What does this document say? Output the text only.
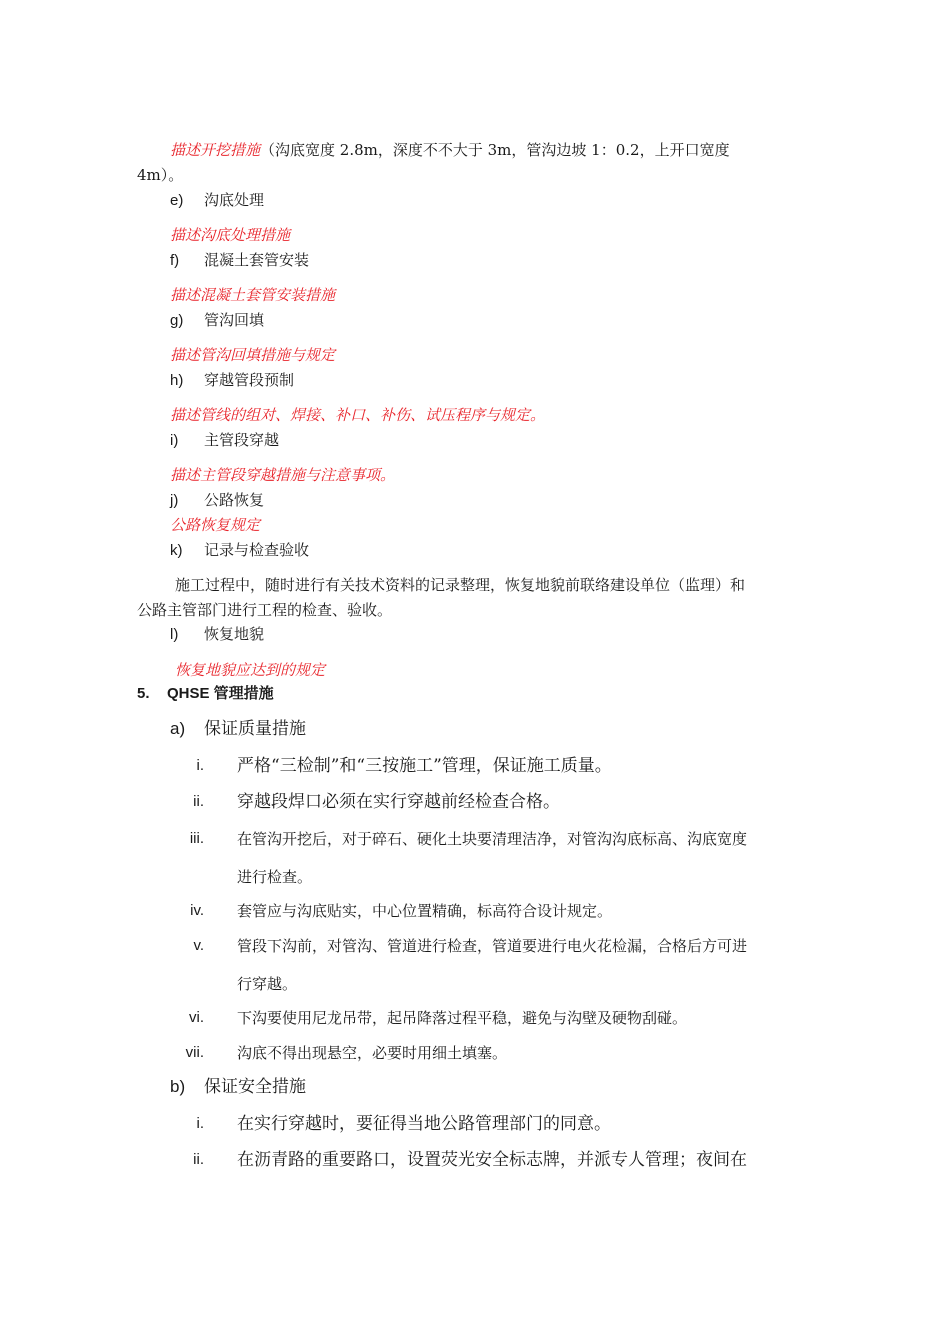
描述开挖措施（沟底宽度 2.8m，深度不不大于 3m，管沟边坡 1：0.2，上开口宽度
4m）。
e) 沟底处理
描述沟底处理措施
f) 混凝土套管安装
描述混凝土套管安装措施
g) 管沟回填
描述管沟回填措施与规定
h) 穿越管段预制
描述管线的组对、焊接、补口、补伤、试压程序与规定。
i) 主管段穿越
描述主管段穿越措施与注意事项。
j) 公路恢复
公路恢复规定
k) 记录与检查验收
施工过程中，随时进行有关技术资料的记录整理，恢复地貌前联络建设单位（监理）和
公路主管部门进行工程的检查、验收。
l) 恢复地貌
恢复地貌应达到的规定
5. QHSE 管理措施
a) 保证质量措施
i. 严格“三检制”和“三按施工”管理，保证施工质量。
ii. 穿越段焊口必须在实行穿越前经检查合格。
iii. 在管沟开挖后，对于碎石、硬化土块要清理洁净，对管沟沟底标高、沟底宽度
进行检查。
iv. 套管应与沟底贴实，中心位置精确，标高符合设计规定。
v. 管段下沟前，对管沟、管道进行检查，管道要进行电火花检漏，合格后方可进
行穿越。
vi. 下沟要使用尼龙吊带，起吊降落过程平稳，避免与沟壁及硬物刮碰。
vii. 沟底不得出现悬空，必要时用细土填塞。
b) 保证安全措施
i. 在实行穿越时，要征得当地公路管理部门的同意。
ii. 在沥青路的重要路口，设置荧光安全标志牌，并派专人管理；夜间在
